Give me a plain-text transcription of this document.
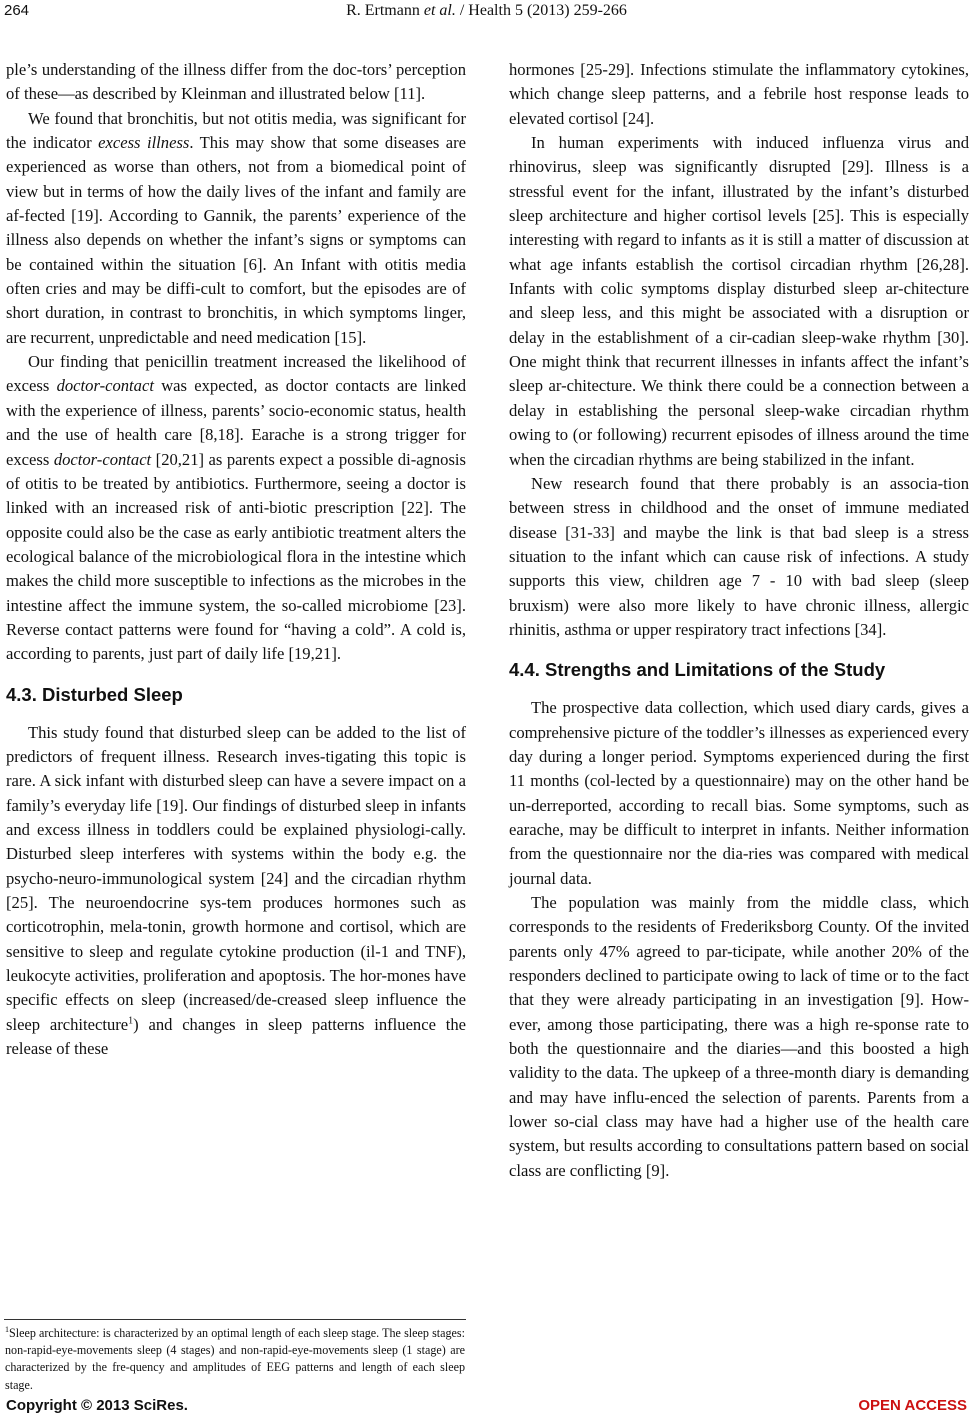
264	R. Ertmann et al. / Health 5 (2013) 259-266

ple’s understanding of the illness differ from the doc-tors’ perception of these—as described by Kleinman and illustrated below [11].

We found that bronchitis, but not otitis media, was significant for the indicator excess illness. This may show that some diseases are experienced as worse than others, not from a biomedical point of view but in terms of how the daily lives of the infant and family are af-fected [19]. According to Gannik, the parents’ experience of the illness also depends on whether the infant’s signs or symptoms can be contained within the situation [6]. An Infant with otitis media often cries and may be diffi-cult to comfort, but the episodes are of short duration, in contrast to bronchitis, in which symptoms linger, are recurrent, unpredictable and need medication [15].

Our finding that penicillin treatment increased the likelihood of excess doctor-contact was expected, as doctor contacts are linked with the experience of illness, parents’ socio-economic status, health and the use of health care [8,18]. Earache is a strong trigger for excess doctor-contact [20,21] as parents expect a possible di-agnosis of otitis to be treated by antibiotics. Furthermore, seeing a doctor is linked with an increased risk of anti-biotic prescription [22]. The opposite could also be the case as early antibiotic treatment alters the ecological balance of the microbiological flora in the intestine which makes the child more susceptible to infections as the microbes in the intestine affect the immune system, the so-called microbiome [23]. Reverse contact patterns were found for “having a cold”. A cold is, according to parents, just part of daily life [19,21].

4.3. Disturbed Sleep

This study found that disturbed sleep can be added to the list of predictors of frequent illness. Research inves-tigating this topic is rare. A sick infant with disturbed sleep can have a severe impact on a family’s everyday life [19]. Our findings of disturbed sleep in infants and excess illness in toddlers could be explained physiologi-cally. Disturbed sleep interferes with systems within the body e.g. the psycho-neuro-immunological system [24] and the circadian rhythm [25]. The neuroendocrine sys-tem produces hormones such as corticotrophin, mela-tonin, growth hormone and cortisol, which are sensitive to sleep and regulate cytokine production (il-1 and TNF), leukocyte activities, proliferation and apoptosis. The hor-mones have specific effects on sleep (increased/de-creased sleep influence the sleep architecture$^1$) and changes in sleep patterns influence the release of these

hormones [25-29]. Infections stimulate the inflammatory cytokines, which change sleep patterns, and a febrile host response leads to elevated cortisol [24].

In human experiments with induced influenza virus and rhinovirus, sleep was significantly disrupted [29]. Illness is a stressful event for the infant, illustrated by the infant’s disturbed sleep architecture and higher cortisol levels [25]. This is especially interesting with regard to infants as it is still a matter of discussion at what age infants establish the cortisol circadian rhythm [26,28]. Infants with colic symptoms display disturbed sleep ar-chitecture and sleep less, and this might be associated with a disruption or delay in the establishment of a cir-cadian sleep-wake rhythm [30]. One might think that recurrent illnesses in infants affect the infant’s sleep ar-chitecture. We think there could be a connection between a delay in establishing the personal sleep-wake circadian rhythm owing to (or following) recurrent episodes of illness around the time when the circadian rhythms are being stabilized in the infant.

New research found that there probably is an associa-tion between stress in childhood and the onset of immune mediated disease [31-33] and maybe the link is that bad sleep is a stress situation to the infant which can cause risk of infections. A study supports this view, children age 7 - 10 with bad sleep (sleep bruxism) were also more likely to have chronic illness, allergic rhinitis, asthma or upper respiratory tract infections [34].

4.4. Strengths and Limitations of the Study

The prospective data collection, which used diary cards, gives a comprehensive picture of the toddler’s illnesses as experienced every day during a longer period. Symptoms experienced during the first 11 months (col-lected by a questionnaire) may on the other hand be un-derreported, according to recall bias. Some symptoms, such as earache, may be difficult to interpret in infants. Neither information from the questionnaire nor the dia-ries was compared with medical journal data.

The population was mainly from the middle class, which corresponds to the residents of Frederiksborg County. Of the invited parents only 47% agreed to par-ticipate, while another 20% of the responders declined to participate owing to lack of time or to the fact that they were already participating in an investigation [9]. How-ever, among those participating, there was a high re-sponse rate to both the questionnaire and the diaries—and this boosted a high validity to the data. The upkeep of a three-month diary is demanding and may have influ-enced the selection of parents. Parents from a lower so-cial class may have had a higher use of the health care system, but results according to consultations pattern based on social class are conflicting [9].

$^1$Sleep architecture: is characterized by an optimal length of each sleep stage. The sleep stages: non-rapid-eye-movements sleep (4 stages) and non-rapid-eye-movements sleep (1 stage) are characterized by the fre-quency and amplitudes of EEG patterns and length of each sleep stage.
Copyright © 2013 SciRes.	OPEN ACCESS
